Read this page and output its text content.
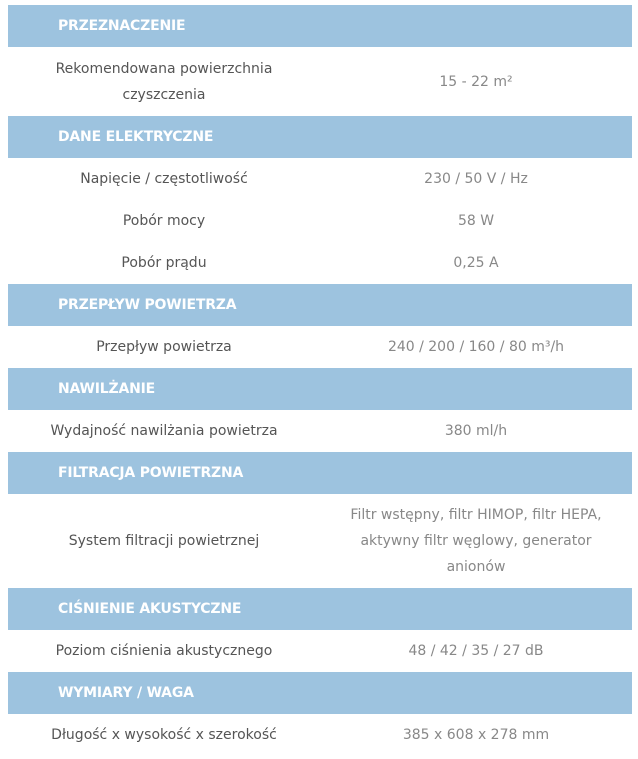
PRZEZNACZENIE	
Rekomendowana powierzchnia czyszczenia	15 - 22 m²
DANE ELEKTRYCZNE	
Napięcie / częstotliwość	230 / 50 V / Hz
Pobór mocy	58 W
Pobór prądu	0,25 A
PRZEPŁYW POWIETRZA	
Przepływ powietrza	240 / 200 / 160 / 80 m³/h
NAWILŻANIE	
Wydajność nawilżania powietrza	380 ml/h
FILTRACJA POWIETRZNA	
System filtracji powietrznej	Filtr wstępny, filtr HIMOP, filtr HEPA, aktywny filtr węglowy, generator anionów
CIŚNIENIE AKUSTYCZNE	
Poziom ciśnienia akustycznego	48 / 42 / 35 / 27 dB
WYMIARY / WAGA	
Długość x wysokość x szerokość	385 x 608 x 278 mm
